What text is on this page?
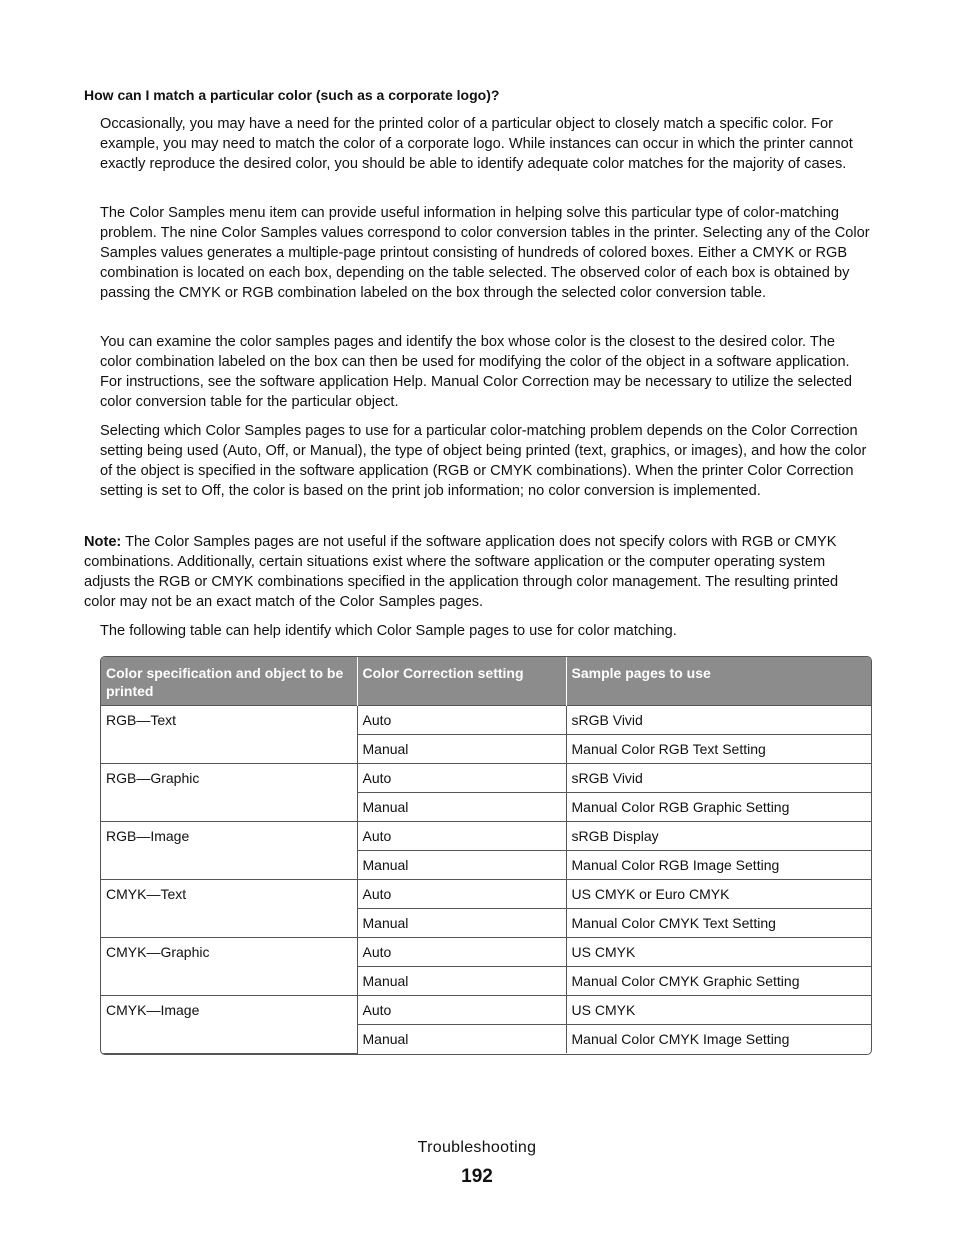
How can I match a particular color (such as a corporate logo)?

Occasionally, you may have a need for the printed color of a particular object to closely match a specific color. For example, you may need to match the color of a corporate logo. While instances can occur in which the printer cannot exactly reproduce the desired color, you should be able to identify adequate color matches for the majority of cases.

The Color Samples menu item can provide useful information in helping solve this particular type of color-matching problem. The nine Color Samples values correspond to color conversion tables in the printer. Selecting any of the Color Samples values generates a multiple-page printout consisting of hundreds of colored boxes. Either a CMYK or RGB combination is located on each box, depending on the table selected. The observed color of each box is obtained by passing the CMYK or RGB combination labeled on the box through the selected color conversion table.

You can examine the color samples pages and identify the box whose color is the closest to the desired color. The color combination labeled on the box can then be used for modifying the color of the object in a software application. For instructions, see the software application Help. Manual Color Correction may be necessary to utilize the selected color conversion table for the particular object.

Selecting which Color Samples pages to use for a particular color-matching problem depends on the Color Correction setting being used (Auto, Off, or Manual), the type of object being printed (text, graphics, or images), and how the color of the object is specified in the software application (RGB or CMYK combinations). When the printer Color Correction setting is set to Off, the color is based on the print job information; no color conversion is implemented.

Note: The Color Samples pages are not useful if the software application does not specify colors with RGB or CMYK combinations. Additionally, certain situations exist where the software application or the computer operating system adjusts the RGB or CMYK combinations specified in the application through color management. The resulting printed color may not be an exact match of the Color Samples pages.

The following table can help identify which Color Sample pages to use for color matching.

Color specification and object to be printed	Color Correction setting	Sample pages to use
RGB—Text	Auto	sRGB Vivid
	Manual	Manual Color RGB Text Setting
RGB—Graphic	Auto	sRGB Vivid
	Manual	Manual Color RGB Graphic Setting
RGB—Image	Auto	sRGB Display
	Manual	Manual Color RGB Image Setting
CMYK—Text	Auto	US CMYK or Euro CMYK
	Manual	Manual Color CMYK Text Setting
CMYK—Graphic	Auto	US CMYK
	Manual	Manual Color CMYK Graphic Setting
CMYK—Image	Auto	US CMYK
	Manual	Manual Color CMYK Image Setting
Troubleshooting
192
